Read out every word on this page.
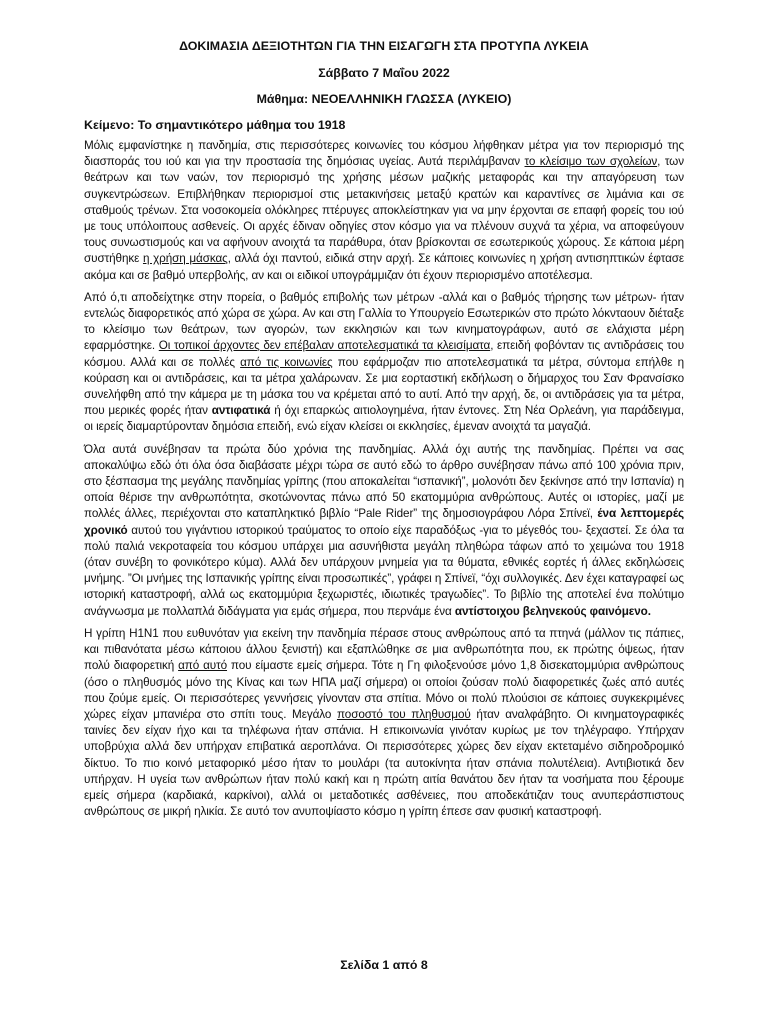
ΔΟΚΙΜΑΣΙΑ ΔΕΞΙΟΤΗΤΩΝ ΓΙΑ ΤΗΝ ΕΙΣΑΓΩΓΗ ΣΤΑ ΠΡΟΤΥΠΑ ΛΥΚΕΙΑ
Σάββατο 7 Μαΐου 2022
Μάθημα: ΝΕΟΕΛΛΗΝΙΚΗ ΓΛΩΣΣΑ (ΛΥΚΕΙΟ)
Κείμενο: Το σημαντικότερο μάθημα του 1918

Μόλις εμφανίστηκε η πανδημία, στις περισσότερες κοινωνίες του κόσμου λήφθηκαν μέτρα για τον περιορισμό της διασποράς του ιού και για την προστασία της δημόσιας υγείας. Αυτά περιλάμβαναν το κλείσιμο των σχολείων, των θεάτρων και των ναών, τον περιορισμό της χρήσης μέσων μαζικής μεταφοράς και την απαγόρευση των συγκεντρώσεων. Επιβλήθηκαν περιορισμοί στις μετακινήσεις μεταξύ κρατών και καραντίνες σε λιμάνια και σε σταθμούς τρένων. Στα νοσοκομεία ολόκληρες πτέρυγες αποκλείστηκαν για να μην έρχονται σε επαφή φορείς του ιού με τους υπόλοιπους ασθενείς. Οι αρχές έδιναν οδηγίες στον κόσμο για να πλένουν συχνά τα χέρια, να αποφεύγουν τους συνωστισμούς και να αφήνουν ανοιχτά τα παράθυρα, όταν βρίσκονται σε εσωτερικούς χώρους. Σε κάποια μέρη συστήθηκε η χρήση μάσκας, αλλά όχι παντού, ειδικά στην αρχή. Σε κάποιες κοινωνίες η χρήση αντισηπτικών έφτασε ακόμα και σε βαθμό υπερβολής, αν και οι ειδικοί υπογράμμιζαν ότι έχουν περιορισμένο αποτέλεσμα.

Από ό,τι αποδείχτηκε στην πορεία, ο βαθμός επιβολής των μέτρων -αλλά και ο βαθμός τήρησης των μέτρων- ήταν εντελώς διαφορετικός από χώρα σε χώρα. Αν και στη Γαλλία το Υπουργείο Εσωτερικών στο πρώτο λόκνταουν διέταξε το κλείσιμο των θεάτρων, των αγορών, των εκκλησιών και των κινηματογράφων, αυτό σε ελάχιστα μέρη εφαρμόστηκε. Οι τοπικοί άρχοντες δεν επέβαλαν αποτελεσματικά τα κλεισίματα, επειδή φοβόνταν τις αντιδράσεις του κόσμου. Αλλά και σε πολλές από τις κοινωνίες που εφάρμοζαν πιο αποτελεσματικά τα μέτρα, σύντομα επήλθε η κούραση και οι αντιδράσεις, και τα μέτρα χαλάρωναν. Σε μια εορταστική εκδήλωση ο δήμαρχος του Σαν Φρανσίσκο συνελήφθη από την κάμερα με τη μάσκα του να κρέμεται από το αυτί. Από την αρχή, δε, οι αντιδράσεις για τα μέτρα, που μερικές φορές ήταν αντιφατικά ή όχι επαρκώς αιτιολογημένα, ήταν έντονες. Στη Νέα Ορλεάνη, για παράδειγμα, οι ιερείς διαμαρτύρονταν δημόσια επειδή, ενώ είχαν κλείσει οι εκκλησίες, έμεναν ανοιχτά τα μαγαζιά.

Όλα αυτά συνέβησαν τα πρώτα δύο χρόνια της πανδημίας. Αλλά όχι αυτής της πανδημίας. Πρέπει να σας αποκαλύψω εδώ ότι όλα όσα διαβάσατε μέχρι τώρα σε αυτό εδώ το άρθρο συνέβησαν πάνω από 100 χρόνια πριν, στο ξέσπασμα της μεγάλης πανδημίας γρίπης (που αποκαλείται “ισπανική”, μολονότι δεν ξεκίνησε από την Ισπανία) η οποία θέρισε την ανθρωπότητα, σκοτώνοντας πάνω από 50 εκατομμύρια ανθρώπους. Αυτές οι ιστορίες, μαζί με πολλές άλλες, περιέχονται στο καταπληκτικό βιβλίο “Pale Rider” της δημοσιογράφου Λόρα Σπίνεϊ, ένα λεπτομερές χρονικό αυτού του γιγάντιου ιστορικού τραύματος το οποίο είχε παραδόξως -για το μέγεθός του- ξεχαστεί. Σε όλα τα πολύ παλιά νεκροταφεία του κόσμου υπάρχει μια ασυνήθιστα μεγάλη πληθώρα τάφων από το χειμώνα του 1918 (όταν συνέβη το φονικότερο κύμα). Αλλά δεν υπάρχουν μνημεία για τα θύματα, εθνικές εορτές ή άλλες εκδηλώσεις μνήμης. ”Οι μνήμες της Ισπανικής γρίπης είναι προσωπικές”, γράφει η Σπίνεϊ, “όχι συλλογικές. Δεν έχει καταγραφεί ως ιστορική καταστροφή, αλλά ως εκατομμύρια ξεχωριστές, ιδιωτικές τραγωδίες”. Το βιβλίο της αποτελεί ένα πολύτιμο ανάγνωσμα με πολλαπλά διδάγματα για εμάς σήμερα, που περνάμε ένα αντίστοιχου βεληνεκούς φαινόμενο.

Η γρίπη H1N1 που ευθυνόταν για εκείνη την πανδημία πέρασε στους ανθρώπους από τα πτηνά (μάλλον τις πάπιες, και πιθανότατα μέσω κάποιου άλλου ξενιστή) και εξαπλώθηκε σε μια ανθρωπότητα που, εκ πρώτης όψεως, ήταν πολύ διαφορετική από αυτό που είμαστε εμείς σήμερα. Τότε η Γη φιλοξενούσε μόνο 1,8 δισεκατομμύρια ανθρώπους (όσο ο πληθυσμός μόνο της Κίνας και των ΗΠΑ μαζί σήμερα) οι οποίοι ζούσαν πολύ διαφορετικές ζωές από αυτές που ζούμε εμείς. Οι περισσότερες γεννήσεις γίνονταν στα σπίτια. Μόνο οι πολύ πλούσιοι σε κάποιες συγκεκριμένες χώρες είχαν μπανιέρα στο σπίτι τους. Μεγάλο ποσοστό του πληθυσμού ήταν αναλφάβητο. Οι κινηματογραφικές ταινίες δεν είχαν ήχο και τα τηλέφωνα ήταν σπάνια. Η επικοινωνία γινόταν κυρίως με τον τηλέγραφο. Υπήρχαν υποβρύχια αλλά δεν υπήρχαν επιβατικά αεροπλάνα. Οι περισσότερες χώρες δεν είχαν εκτεταμένο σιδηροδρομικό δίκτυο. Το πιο κοινό μεταφορικό μέσο ήταν το μουλάρι (τα αυτοκίνητα ήταν σπάνια πολυτέλεια). Αντιβιοτικά δεν υπήρχαν. Η υγεία των ανθρώπων ήταν πολύ κακή και η πρώτη αιτία θανάτου δεν ήταν τα νοσήματα που ξέρουμε εμείς σήμερα (καρδιακά, καρκίνοι), αλλά οι μεταδοτικές ασθένειες, που αποδεκάτιζαν τους ανυπεράσπιστους ανθρώπους σε μικρή ηλικία. Σε αυτό τον ανυποψίαστο κόσμο η γρίπη έπεσε σαν φυσική καταστροφή.

Σελίδα 1 από 8
